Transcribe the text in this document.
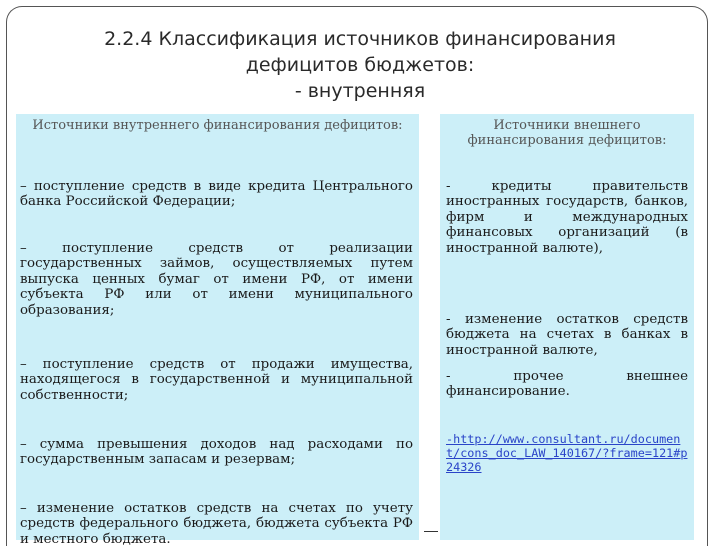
2.2.4 Классификация источников финансирования
дефицитов бюджетов:
- внутренняя
Источники внутреннего финансирования дефицитов:	Источники внешнего финансирования дефицитов:
– поступление средств в виде кредита Центрального банка Российской Федерации;
– поступление средств от реализации государственных займов, осуществляемых путем выпуска ценных бумаг от имени РФ, от имени субъекта РФ или от имени муниципального образования;
– поступление средств от продажи имущества, находящегося в государственной и муниципальной собственности;
– сумма превышения доходов над расходами по государственным запасам и резервам;
– изменение остатков средств на счетах по учету средств федерального бюджета, бюджета субъекта РФ и местного бюджета.
- кредиты правительств иностранных государств, банков, фирм и международных финансовых организаций (в иностранной валюте),
- изменение остатков средств бюджета на счетах в банках в иностранной валюте,
- прочее внешнее финансирование.
-http://www.consultant.ru/document/cons_doc_LAW_140167/?frame=121#p24326
